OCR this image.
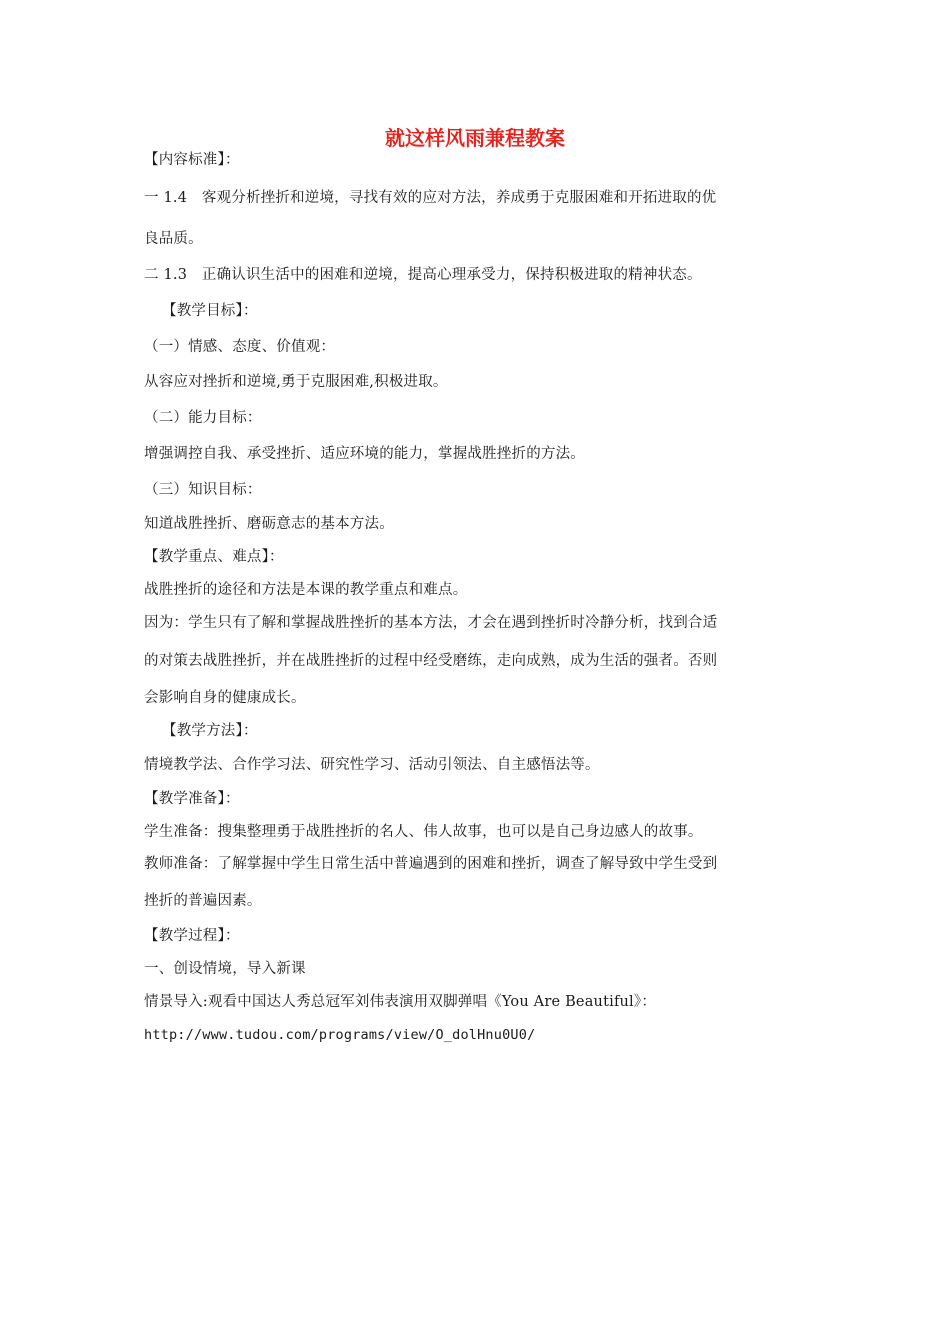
就这样风雨兼程教案
【内容标准】：
一 1.4　客观分析挫折和逆境，寻找有效的应对方法，养成勇于克服困难和开拓进取的优
良品质。
二 1.3　正确认识生活中的困难和逆境，提高心理承受力，保持积极进取的精神状态。
【教学目标】：
（一）情感、态度、价值观：
从容应对挫折和逆境,勇于克服困难,积极进取。
（二）能力目标：
增强调控自我、承受挫折、适应环境的能力，掌握战胜挫折的方法。
（三）知识目标：
知道战胜挫折、磨砺意志的基本方法。
【教学重点、难点】：
战胜挫折的途径和方法是本课的教学重点和难点。
因为：学生只有了解和掌握战胜挫折的基本方法，才会在遇到挫折时冷静分析，找到合适
的对策去战胜挫折，并在战胜挫折的过程中经受磨练，走向成熟，成为生活的强者。否则
会影响自身的健康成长。
【教学方法】：
情境教学法、合作学习法、研究性学习、活动引领法、自主感悟法等。
【教学准备】：
学生准备：搜集整理勇于战胜挫折的名人、伟人故事，也可以是自己身边感人的故事。
教师准备：了解掌握中学生日常生活中普遍遇到的困难和挫折，调查了解导致中学生受到
挫折的普遍因素。
【教学过程】：
一、创设情境，导入新课
情景导入:观看中国达人秀总冠军刘伟表演用双脚弹唱《You Are Beautiful》：
http://www.tudou.com/programs/view/O_dolHnu0U0/
